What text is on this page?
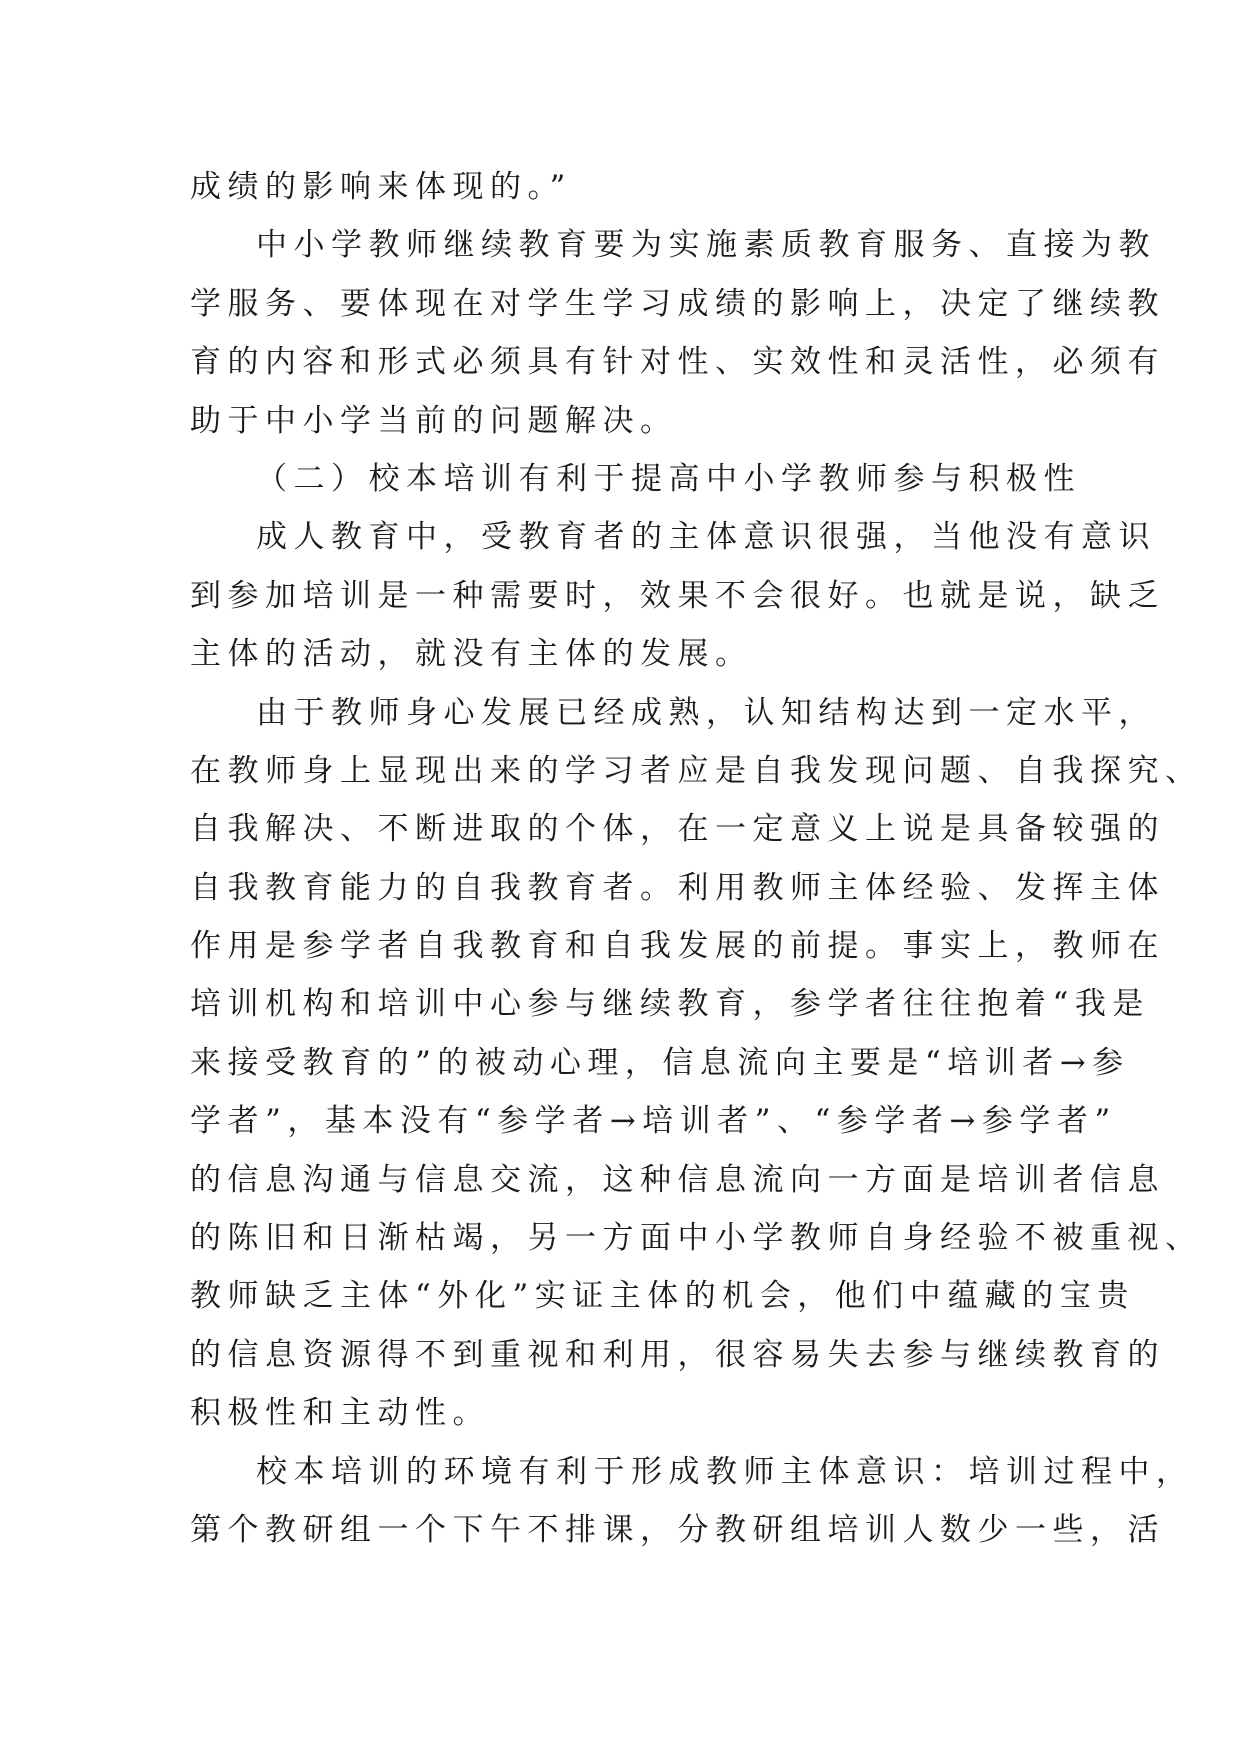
成绩的影响来体现的。”
中小学教师继续教育要为实施素质教育服务、直接为教
学服务、要体现在对学生学习成绩的影响上，决定了继续教
育的内容和形式必须具有针对性、实效性和灵活性，必须有
助于中小学当前的问题解决。
（二）校本培训有利于提高中小学教师参与积极性
成人教育中，受教育者的主体意识很强，当他没有意识
到参加培训是一种需要时，效果不会很好。也就是说，缺乏
主体的活动，就没有主体的发展。
由于教师身心发展已经成熟，认知结构达到一定水平，
在教师身上显现出来的学习者应是自我发现问题、自我探究、
自我解决、不断进取的个体，在一定意义上说是具备较强的
自我教育能力的自我教育者。利用教师主体经验、发挥主体
作用是参学者自我教育和自我发展的前提。事实上，教师在
培训机构和培训中心参与继续教育，参学者往往抱着“我是
来接受教育的”的被动心理，信息流向主要是“培训者→参
学者”，基本没有“参学者→培训者”、“参学者→参学者”
的信息沟通与信息交流，这种信息流向一方面是培训者信息
的陈旧和日渐枯竭，另一方面中小学教师自身经验不被重视、
教师缺乏主体“外化”实证主体的机会，他们中蕴藏的宝贵
的信息资源得不到重视和利用，很容易失去参与继续教育的
积极性和主动性。
校本培训的环境有利于形成教师主体意识：培训过程中，
第个教研组一个下午不排课，分教研组培训人数少一些，活
